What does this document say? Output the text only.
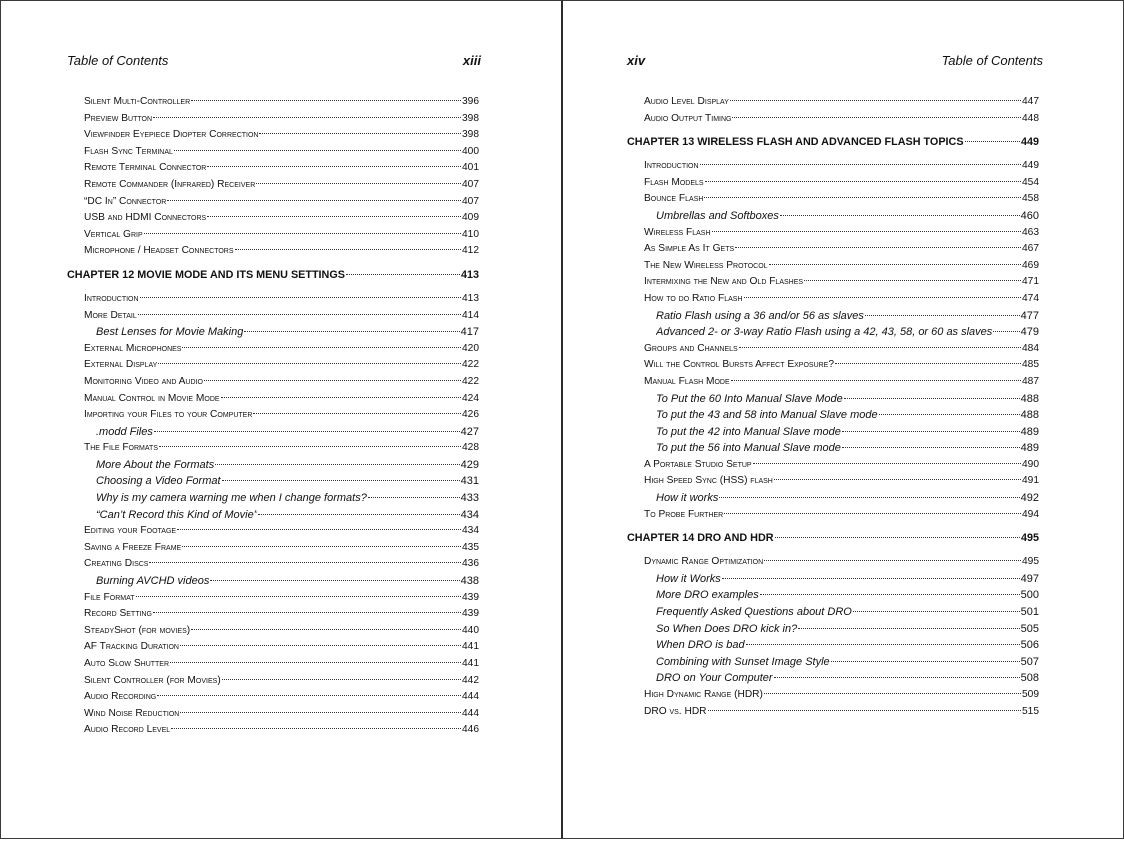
Table of Contents	xiii
Silent Multi-Controller	396
Preview Button	398
Viewfinder Eyepiece Diopter Correction	398
Flash Sync Terminal	400
Remote Terminal Connector	401
Remote Commander (Infrared) Receiver	407
“DC In” Connector	407
USB and HDMI Connectors	409
Vertical Grip	410
Microphone / Headset Connectors	412
CHAPTER 12 MOVIE MODE AND ITS MENU SETTINGS	413
Introduction	413
More Detail	414
Best Lenses for Movie Making	417
External Microphones	420
External Display	422
Monitoring Video and Audio	422
Manual Control in Movie Mode	424
Importing your Files to your Computer	426
.modd Files	427
The File Formats	428
More About the Formats	429
Choosing a Video Format	431
Why is my camera warning me when I change formats?	433
“Can’t Record this Kind of Movie”	434
Editing your Footage	434
Saving a Freeze Frame	435
Creating Discs	436
Burning AVCHD videos	438
File Format	439
Record Setting	439
SteadyShot (for movies)	440
AF Tracking Duration	441
Auto Slow Shutter	441
Silent Controller (for Movies)	442
Audio Recording	444
Wind Noise Reduction	444
Audio Record Level	446
xiv	Table of Contents
Audio Level Display	447
Audio Output Timing	448
CHAPTER 13 WIRELESS FLASH AND ADVANCED FLASH TOPICS	449
Introduction	449
Flash Models	454
Bounce Flash	458
Umbrellas and Softboxes	460
Wireless Flash	463
As Simple As It Gets	467
The New Wireless Protocol	469
Intermixing the New and Old Flashes	471
How to do Ratio Flash	474
Ratio Flash using a 36 and/or 56 as slaves	477
Advanced 2- or 3-way Ratio Flash using a 42, 43, 58, or 60 as slaves	479
Groups and Channels	484
Will the Control Bursts Affect Exposure?	485
Manual Flash Mode	487
To Put the 60 Into Manual Slave Mode	488
To put the 43 and 58 into Manual Slave mode	488
To put the 42 into Manual Slave mode	489
To put the 56 into Manual Slave mode	489
A Portable Studio Setup	490
High Speed Sync (HSS) flash	491
How it works	492
To Probe Further	494
CHAPTER 14 DRO AND HDR	495
Dynamic Range Optimization	495
How it Works	497
More DRO examples	500
Frequently Asked Questions about DRO	501
So When Does DRO kick in?	505
When DRO is bad	506
Combining with Sunset Image Style	507
DRO on Your Computer	508
High Dynamic Range (HDR)	509
DRO vs. HDR	515
